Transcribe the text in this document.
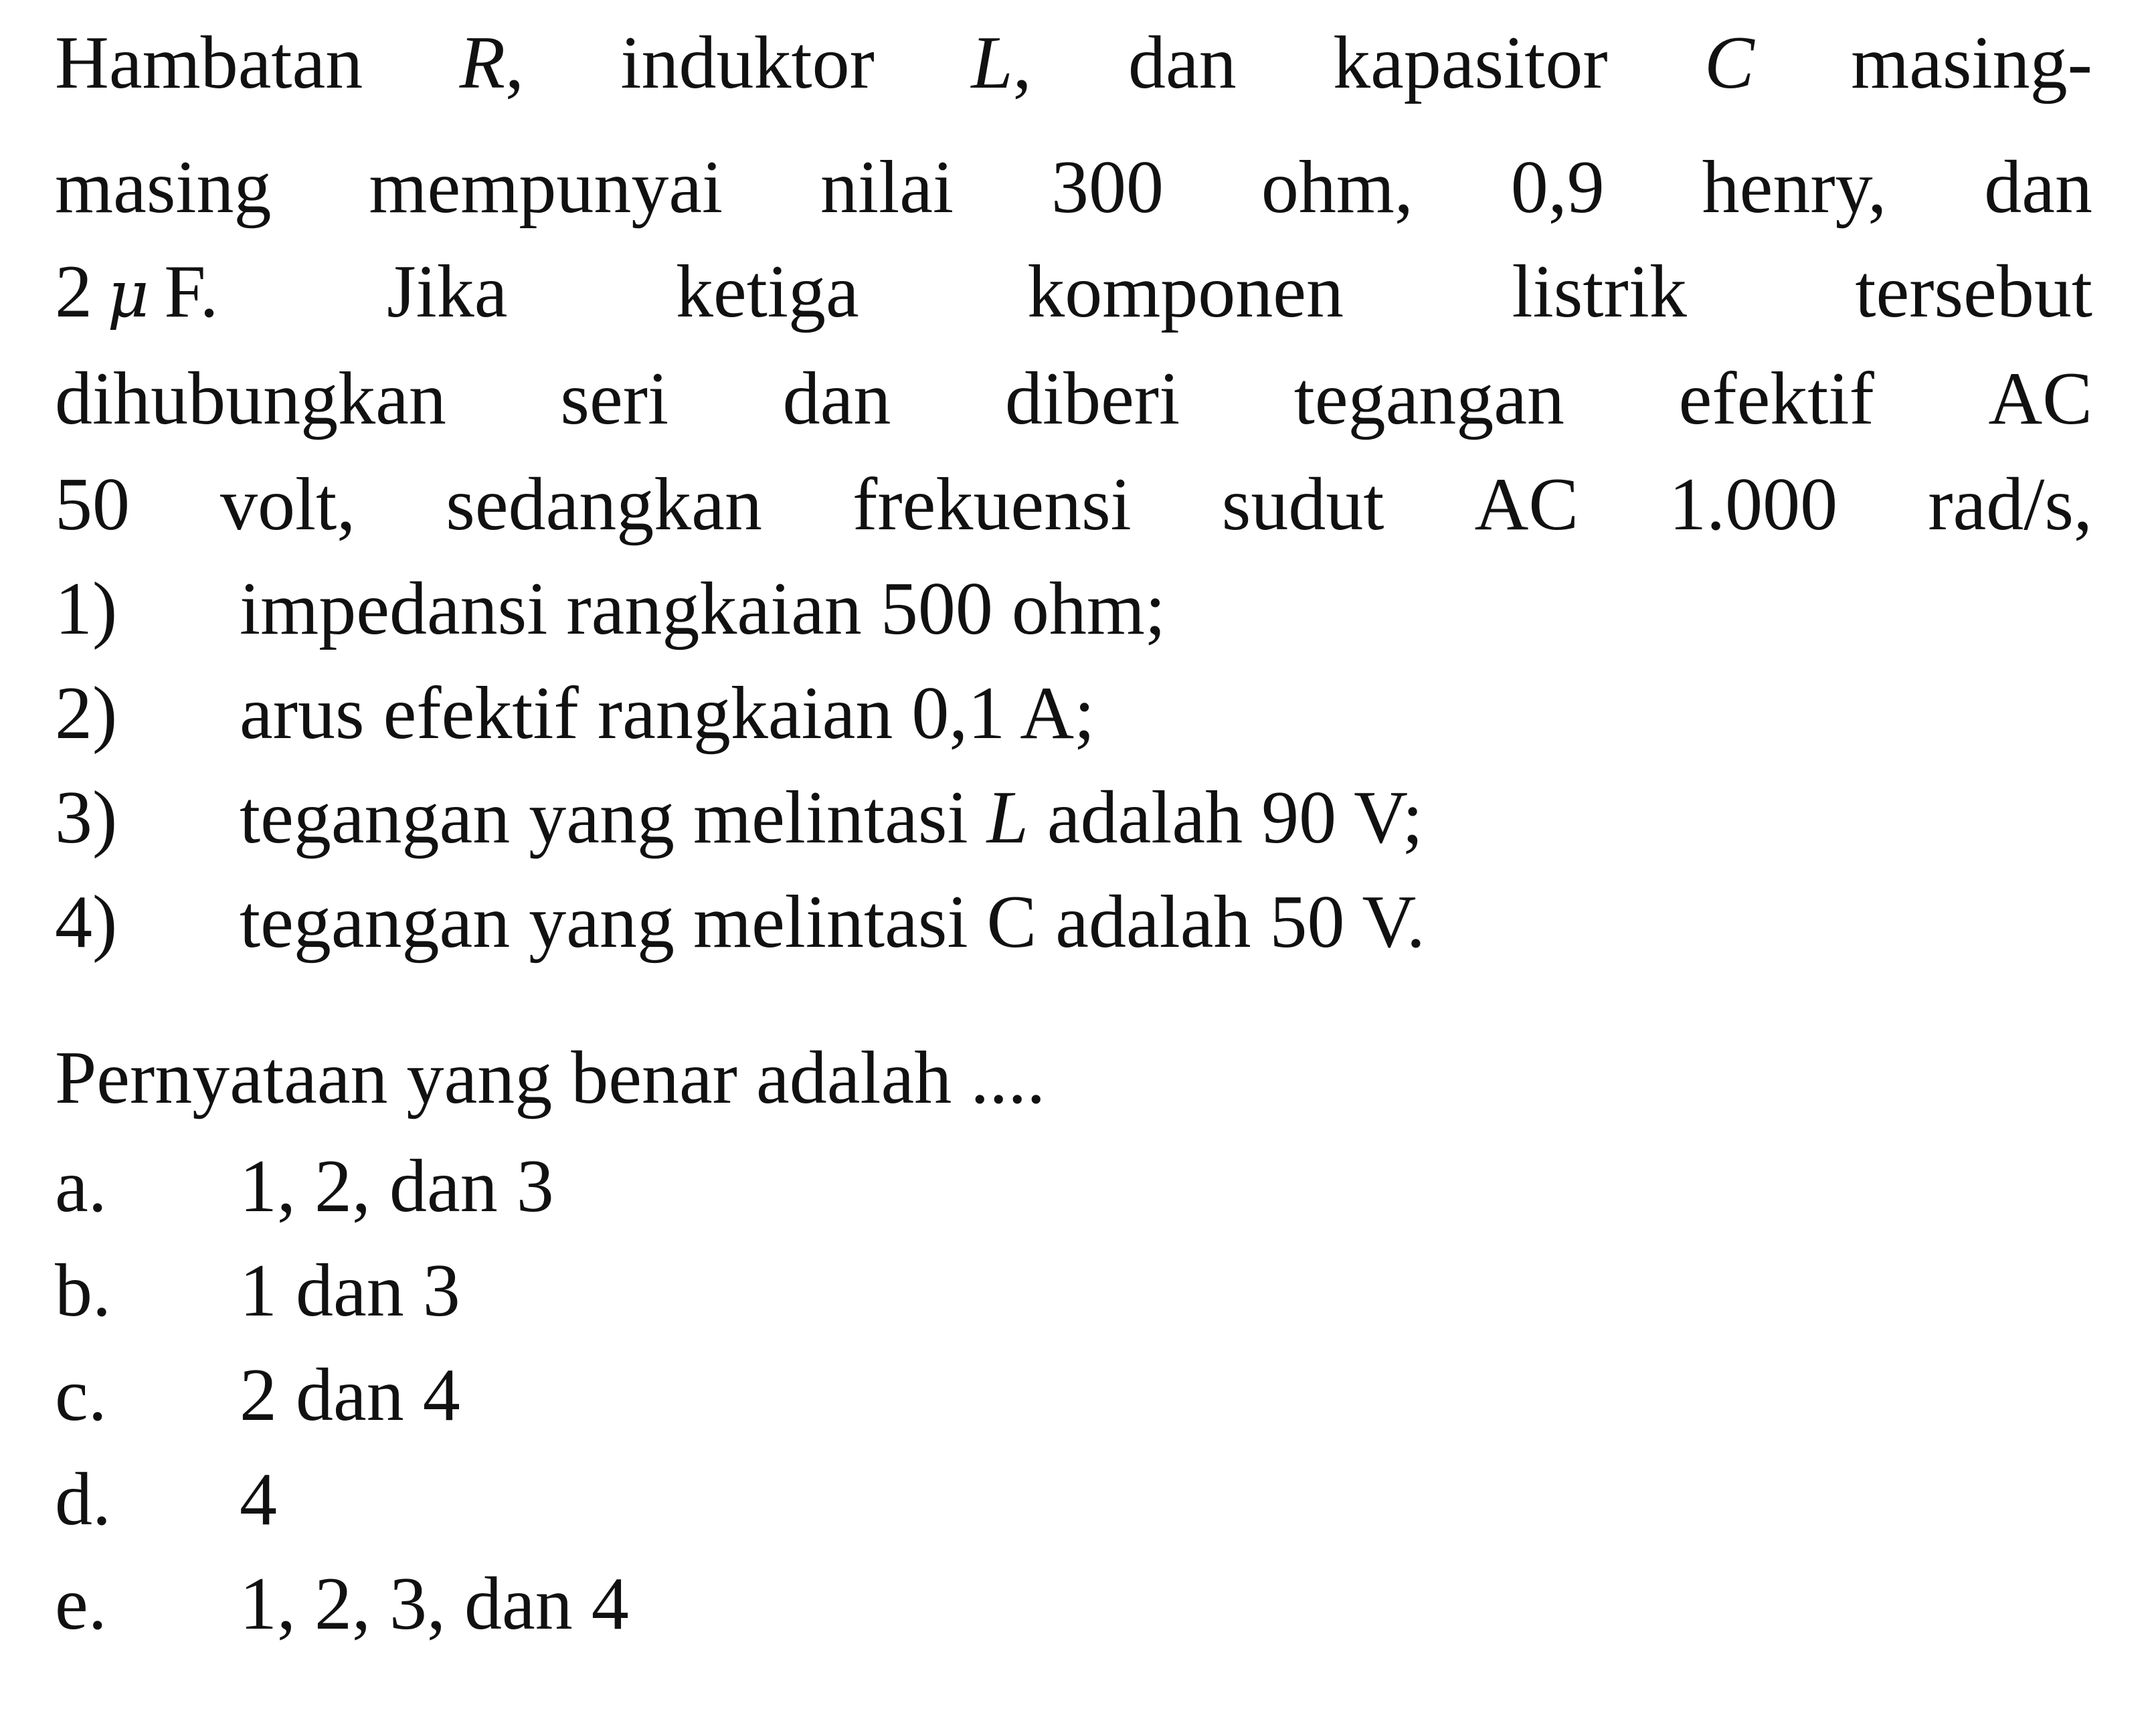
Hambatan R, induktor L, dan kapasitor C masing-
masing mempunyai nilai 300 ohm, 0,9 henry, dan
2  μ  F. Jika ketiga komponen listrik tersebut
dihubungkan seri dan diberi tegangan efektif AC
50 volt, sedangkan frekuensi sudut AC 1.000 rad/s,
1) impedansi rangkaian 500 ohm;
2) arus efektif rangkaian 0,1 A;
3) tegangan yang melintasi L adalah 90 V;
4) tegangan yang melintasi C adalah 50 V.
Pernyataan yang benar adalah ....
a. 1, 2, dan 3
b. 1 dan 3
c. 2 dan 4
d. 4
e. 1, 2, 3, dan 4
